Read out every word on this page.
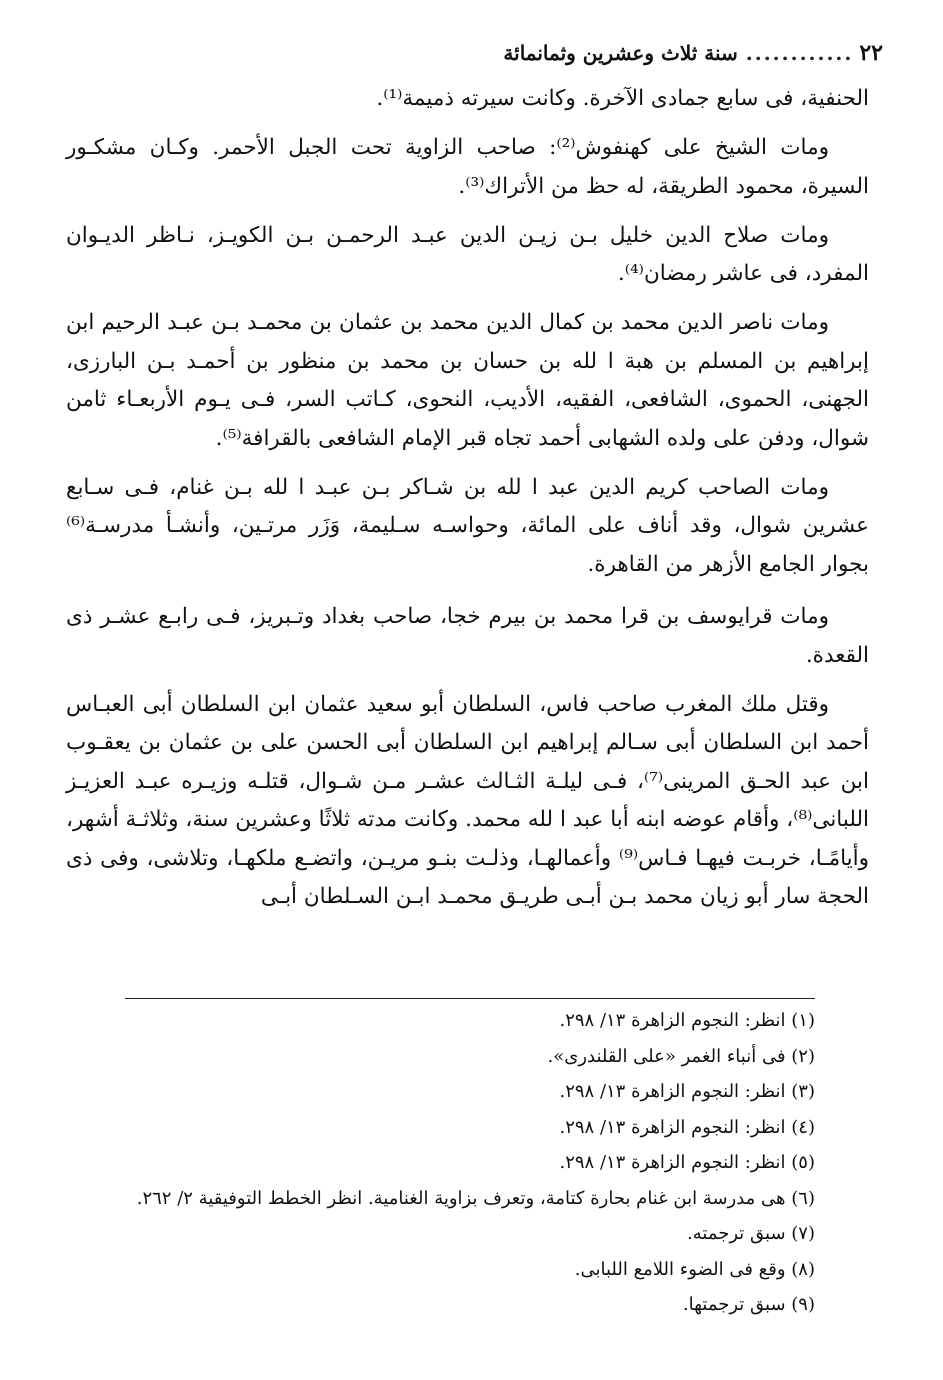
٢٢
............
سنة ثلاث وعشرين وثمانمائة

الحنفية، فى سابع جمادى الآخرة. وكانت سيرته ذميمة⁽¹⁾.

ومات الشيخ على كهنفوش⁽²⁾: صاحب الزاوية تحت الجبل الأحمر. وكـان مشكـور السيرة، محمود الطريقة، له حظ من الأتراك⁽³⁾.

ومات صلاح الدين خليل بـن زيـن الدين عبـد الرحمـن بـن الكويـز، نـاظر الديـوان المفرد، فى عاشر رمضان⁽⁴⁾.

ومات ناصر الدين محمد بن كمال الدين محمد بن عثمان بن محمـد بـن عبـد الرحيم ابن إبراهيم بن المسلم بن هبة ا لله بن حسان بن محمد بن منظور بن أحمـد بـن البارزى، الجهنى، الحموى، الشافعى، الفقيه، الأديب، النحوى، كـاتب السر، فـى يـوم الأربعـاء ثامن شوال، ودفن على ولده الشهابى أحمد تجاه قبر الإمام الشافعى بالقرافة⁽⁵⁾.

ومات الصاحب كريم الدين عبد ا لله بن شـاكر بـن عبـد ا لله بـن غنام، فـى سـابع عشرين شوال، وقد أناف على المائة، وحواسـه سـليمة، وَزَر مرتـين، وأنشـأ مدرسـة⁽⁶⁾ بجوار الجامع الأزهر من القاهرة.

ومات قرايوسف بن قرا محمد بن بيرم خجا، صاحب بغداد وتـبريز، فـى رابـع عشـر ذى القعدة.

وقتل ملك المغرب صاحب فاس، السلطان أبو سعيد عثمان ابن السلطان أبى العبـاس أحمد ابن السلطان أبى سـالم إبراهيم ابن السلطان أبى الحسن على بن عثمان بن يعقـوب ابن عبد الحـق المرينى⁽⁷⁾، فـى ليلـة الثـالث عشـر مـن شـوال، قتلـه وزيـره عبـد العزيـز اللبانى⁽⁸⁾، وأقام عوضه ابنه أبا عبد ا لله محمد. وكانت مدته ثلاثًا وعشرين سنة، وثلاثـة أشهر، وأيامًـا، خربـت فيهـا فـاس⁽⁹⁾ وأعمالهـا، وذلـت بنـو مريـن، واتضـع ملكهـا، وتلاشى، وفى ذى الحجة سار أبو زيان محمد بـن أبـى طريـق محمـد ابـن السـلطان أبـى

(١) انظر: النجوم الزاهرة ١٣/ ٢٩٨.
(٢) فى أنباء الغمر «على القلندرى».
(٣) انظر: النجوم الزاهرة ١٣/ ٢٩٨.
(٤) انظر: النجوم الزاهرة ١٣/ ٢٩٨.
(٥) انظر: النجوم الزاهرة ١٣/ ٢٩٨.
(٦) هى مدرسة ابن غنام بحارة كتامة، وتعرف بزاوية الغنامية. انظر الخطط التوفيقية ٢/ ٢٦٢.
(٧) سبق ترجمته.
(٨) وقع فى الضوء اللامع اللبابى.
(٩) سبق ترجمتها.
